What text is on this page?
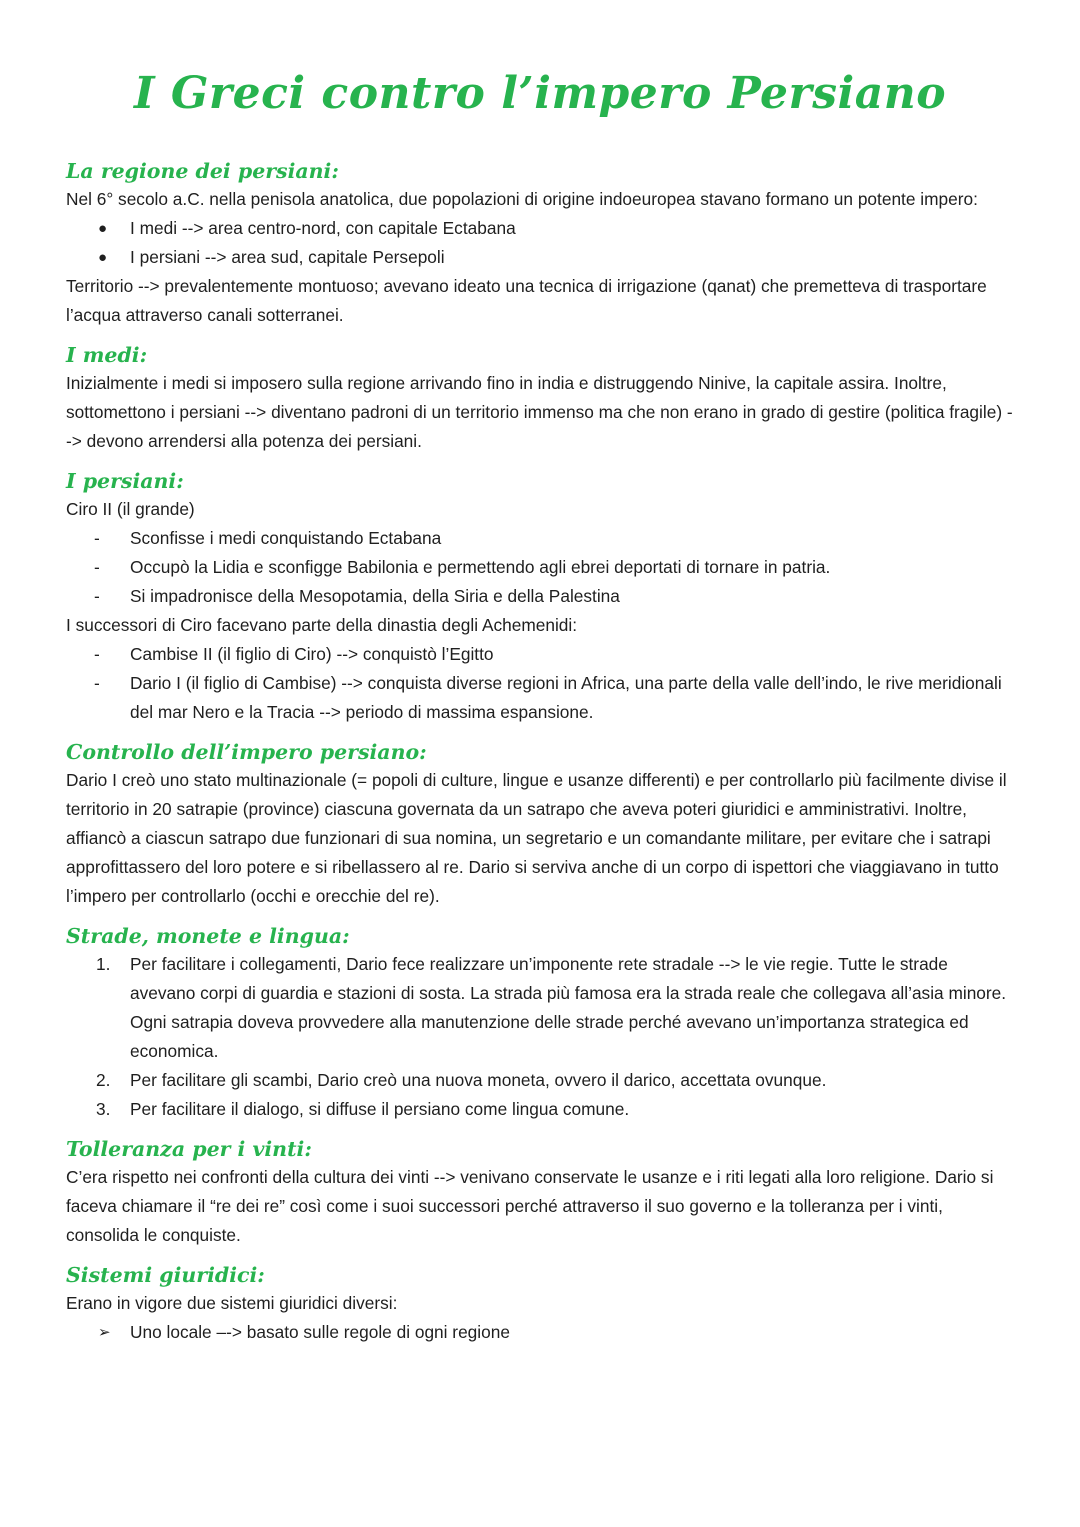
I Greci contro l’impero Persiano
La regione dei persiani:

Nel 6° secolo a.C. nella penisola anatolica, due popolazioni di origine indoeuropea stavano formano un potente impero:

●	I medi --> area centro-nord, con capitale Ectabana
●	I persiani --> area sud, capitale Persepoli

Territorio --> prevalentemente montuoso; avevano ideato una tecnica di irrigazione (qanat) che premetteva di trasportare l’acqua attraverso canali sotterranei.

I medi:

Inizialmente i medi si imposero sulla regione arrivando fino in india e distruggendo Ninive, la capitale assira. Inoltre, sottomettono i persiani --> diventano padroni di un territorio immenso ma che non erano in grado di gestire (politica fragile) --> devono arrendersi alla potenza dei persiani.

I persiani:

Ciro II (il grande)

-	Sconfisse i medi conquistando Ectabana
-	Occupò la Lidia e sconfigge Babilonia e permettendo agli ebrei deportati di tornare in patria.
-	Si impadronisce della Mesopotamia, della Siria e della Palestina

I successori di Ciro facevano parte della dinastia degli Achemenidi:

-	Cambise II (il figlio di Ciro) --> conquistò l’Egitto
-	Dario I (il figlio di Cambise) --> conquista diverse regioni in Africa, una parte della valle dell’indo, le rive meridionali del mar Nero e la Tracia --> periodo di massima espansione.
Controllo dell’impero persiano:

Dario I creò uno stato multinazionale (= popoli di culture, lingue e usanze differenti) e per controllarlo più facilmente divise il territorio in 20 satrapie (province) ciascuna governata da un satrapo che aveva poteri giuridici e amministrativi. Inoltre, affiancò a ciascun satrapo due funzionari di sua nomina, un segretario e un comandante militare, per evitare che i satrapi approfittassero del loro potere e si ribellassero al re. Dario si serviva anche di un corpo di ispettori che viaggiavano in tutto l’impero per controllarlo (occhi e orecchie del re).

Strade, monete e lingua:
1.	Per facilitare i collegamenti, Dario fece realizzare un’imponente rete stradale --> le vie regie. Tutte le strade avevano corpi di guardia e stazioni di sosta. La strada più famosa era la strada reale che collegava all’asia minore. Ogni satrapia doveva provvedere alla manutenzione delle strade perché avevano un’importanza strategica ed economica.
2.	Per facilitare gli scambi, Dario creò una nuova moneta, ovvero il darico, accettata ovunque.
3.	Per facilitare il dialogo, si diffuse il persiano come lingua comune.
Tolleranza per i vinti:

C’era rispetto nei confronti della cultura dei vinti --> venivano conservate le usanze e i riti legati alla loro religione. Dario si faceva chiamare il “re dei re” così come i suoi successori perché attraverso il suo governo e la tolleranza per i vinti, consolida le conquiste.

Sistemi giuridici:

Erano in vigore due sistemi giuridici diversi:

➢	Uno locale –-> basato sulle regole di ogni regione
